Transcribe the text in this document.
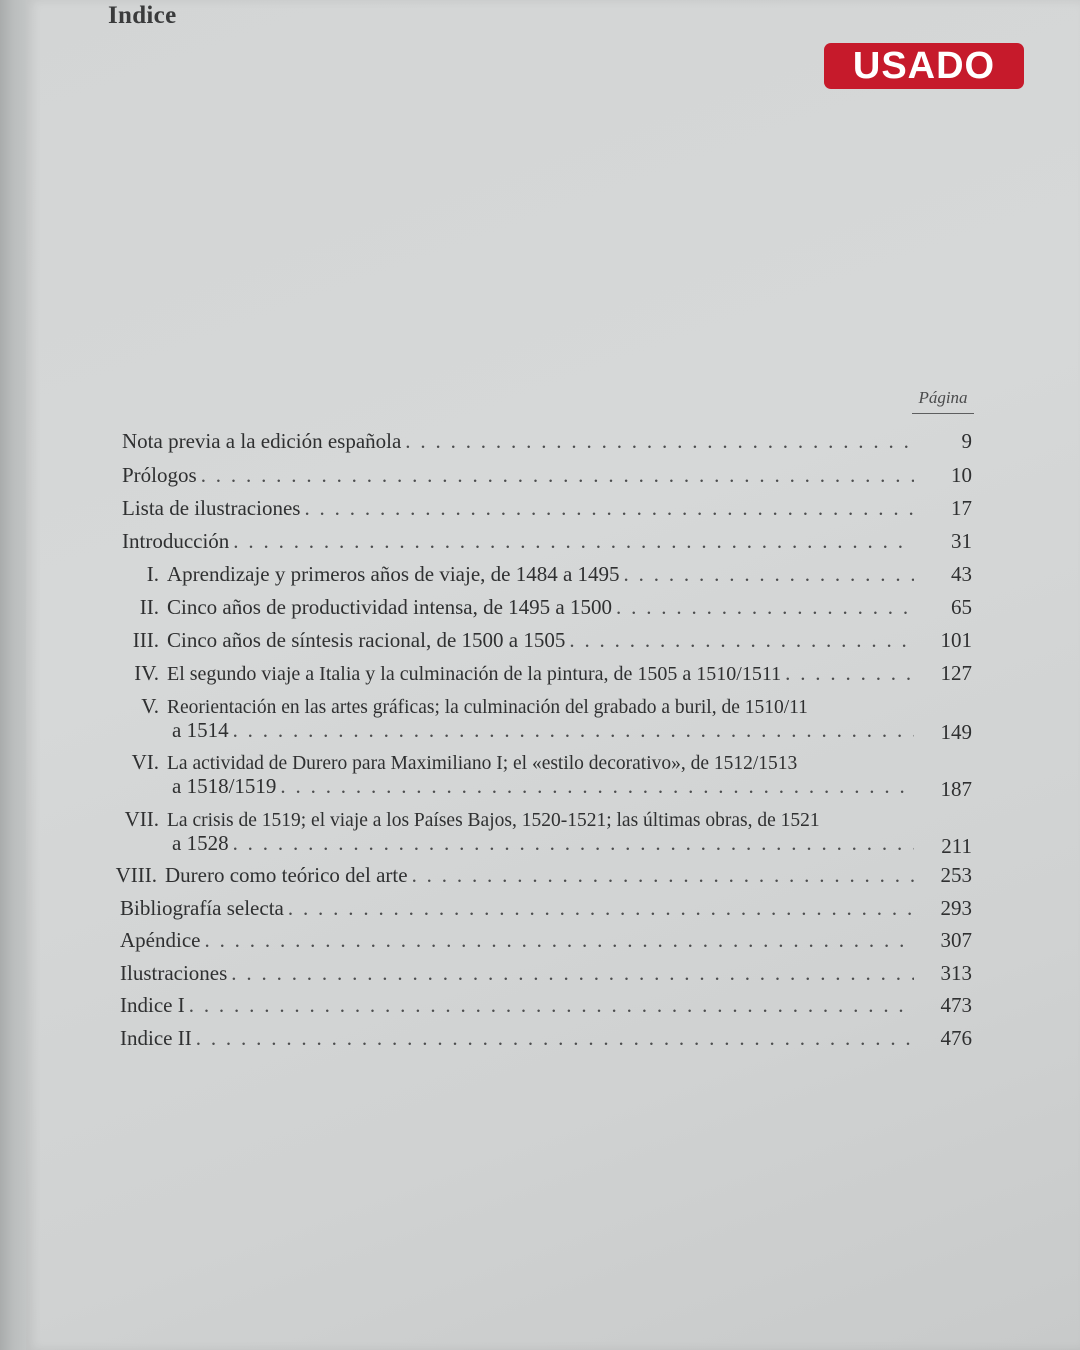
Indice
USADO
Página
Nota previa a la edición española . . .	9
Prólogos . . .	10
Lista de ilustraciones . . .	17
Introducción . . .	31
I. Aprendizaje y primeros años de viaje, de 1484 a 1495 . . .	43
II. Cinco años de productividad intensa, de 1495 a 1500 . . .	65
III. Cinco años de síntesis racional, de 1500 a 1505 . . .	101
IV. El segundo viaje a Italia y la culminación de la pintura, de 1505 a 1510/1511 . . .	127
V. Reorientación en las artes gráficas; la culminación del grabado a buril, de 1510/11
a 1514 . . .	149
VI. La actividad de Durero para Maximiliano I; el «estilo decorativo», de 1512/1513
a 1518/1519 . . .	187
VII. La crisis de 1519; el viaje a los Países Bajos, 1520-1521; las últimas obras, de 1521
a 1528 . . .	211
VIII. Durero como teórico del arte . . .	253
Bibliografía selecta . . .	293
Apéndice . . .	307
Ilustraciones . . .	313
Indice I . . .	473
Indice II . . .	476
